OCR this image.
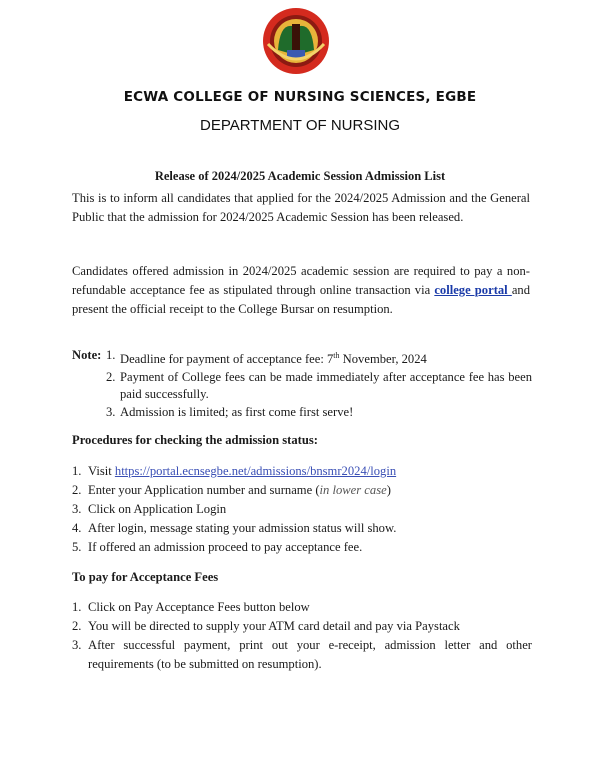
ECWA COLLEGE OF NURSING SCIENCES, EGBE
DEPARTMENT OF NURSING
Release of 2024/2025 Academic Session Admission List
This is to inform all candidates that applied for the 2024/2025 Admission and the General Public that the admission for 2024/2025 Academic Session has been released.
Candidates offered admission in 2024/2025 academic session are required to pay a non-refundable acceptance fee as stipulated through online transaction via college portal and present the official receipt to the College Bursar on resumption.
Note: 1. Deadline for payment of acceptance fee: 7th November, 2024
2. Payment of College fees can be made immediately after acceptance fee has been paid successfully.
3. Admission is limited; as first come first serve!
Procedures for checking the admission status:
1. Visit https://portal.ecnsegbe.net/admissions/bnsmr2024/login
2. Enter your Application number and surname (in lower case)
3. Click on Application Login
4. After login, message stating your admission status will show.
5. If offered an admission proceed to pay acceptance fee.
To pay for Acceptance Fees
1. Click on Pay Acceptance Fees button below
2. You will be directed to supply your ATM card detail and pay via Paystack
3. After successful payment, print out your e-receipt, admission letter and other requirements (to be submitted on resumption).
